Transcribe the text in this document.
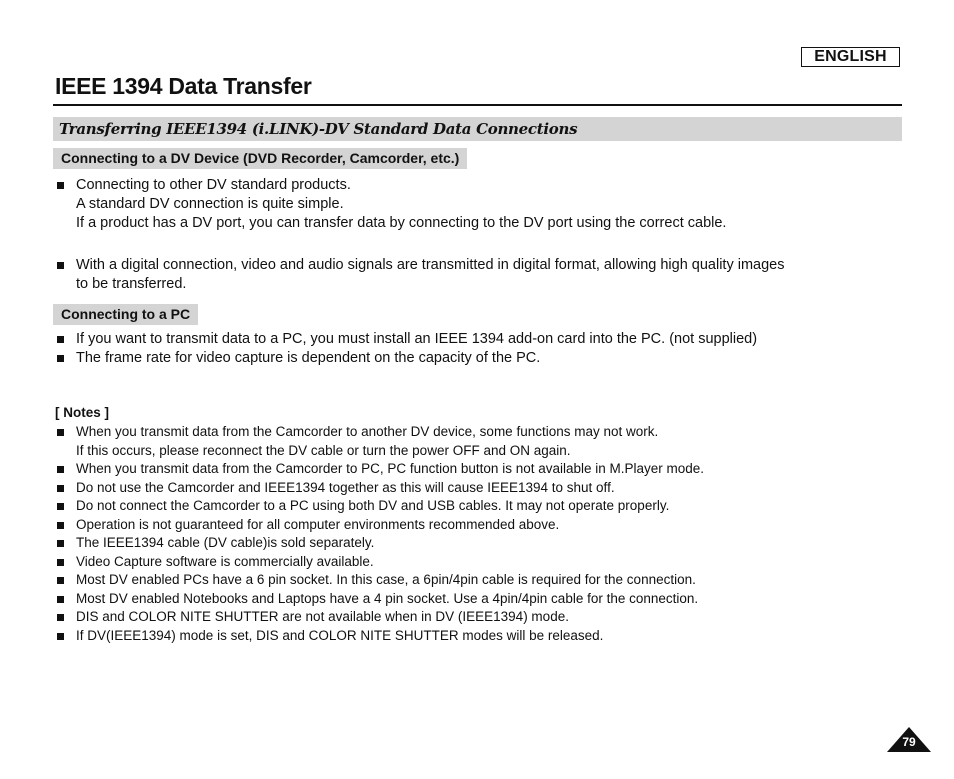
ENGLISH
IEEE 1394 Data Transfer
Transferring IEEE1394 (i.LINK)-DV Standard Data Connections
Connecting to a DV Device (DVD Recorder, Camcorder, etc.)
Connecting to other DV standard products.
A standard DV connection is quite simple.
If a product has a DV port, you can transfer data by connecting to the DV port using the correct cable.
With a digital connection, video and audio signals are transmitted in digital format, allowing high quality images
to be transferred.
Connecting to a PC
If you want to transmit data to a PC, you must install an IEEE 1394 add-on card into the PC. (not supplied)
The frame rate for video capture is dependent on the capacity of the PC.
[ Notes ]
When you transmit data from the Camcorder to another DV device, some functions may not work.
If this occurs, please reconnect the DV cable or turn the power OFF and ON again.
When you transmit data from the Camcorder to PC, PC function button is not available in M.Player mode.
Do not use the Camcorder and IEEE1394 together as this will cause IEEE1394 to shut off.
Do not connect the Camcorder to a PC using both DV and USB cables. It may not operate properly.
Operation is not guaranteed for all computer environments recommended above.
The IEEE1394 cable (DV cable)is sold separately.
Video Capture software is commercially available.
Most DV enabled PCs have a 6 pin socket. In this case, a 6pin/4pin cable is required for the connection.
Most DV enabled Notebooks and Laptops have a 4 pin socket. Use a 4pin/4pin cable for the connection.
DIS and COLOR NITE SHUTTER are not available when in DV (IEEE1394) mode.
If DV(IEEE1394) mode is set, DIS and COLOR NITE SHUTTER modes will be released.
79
